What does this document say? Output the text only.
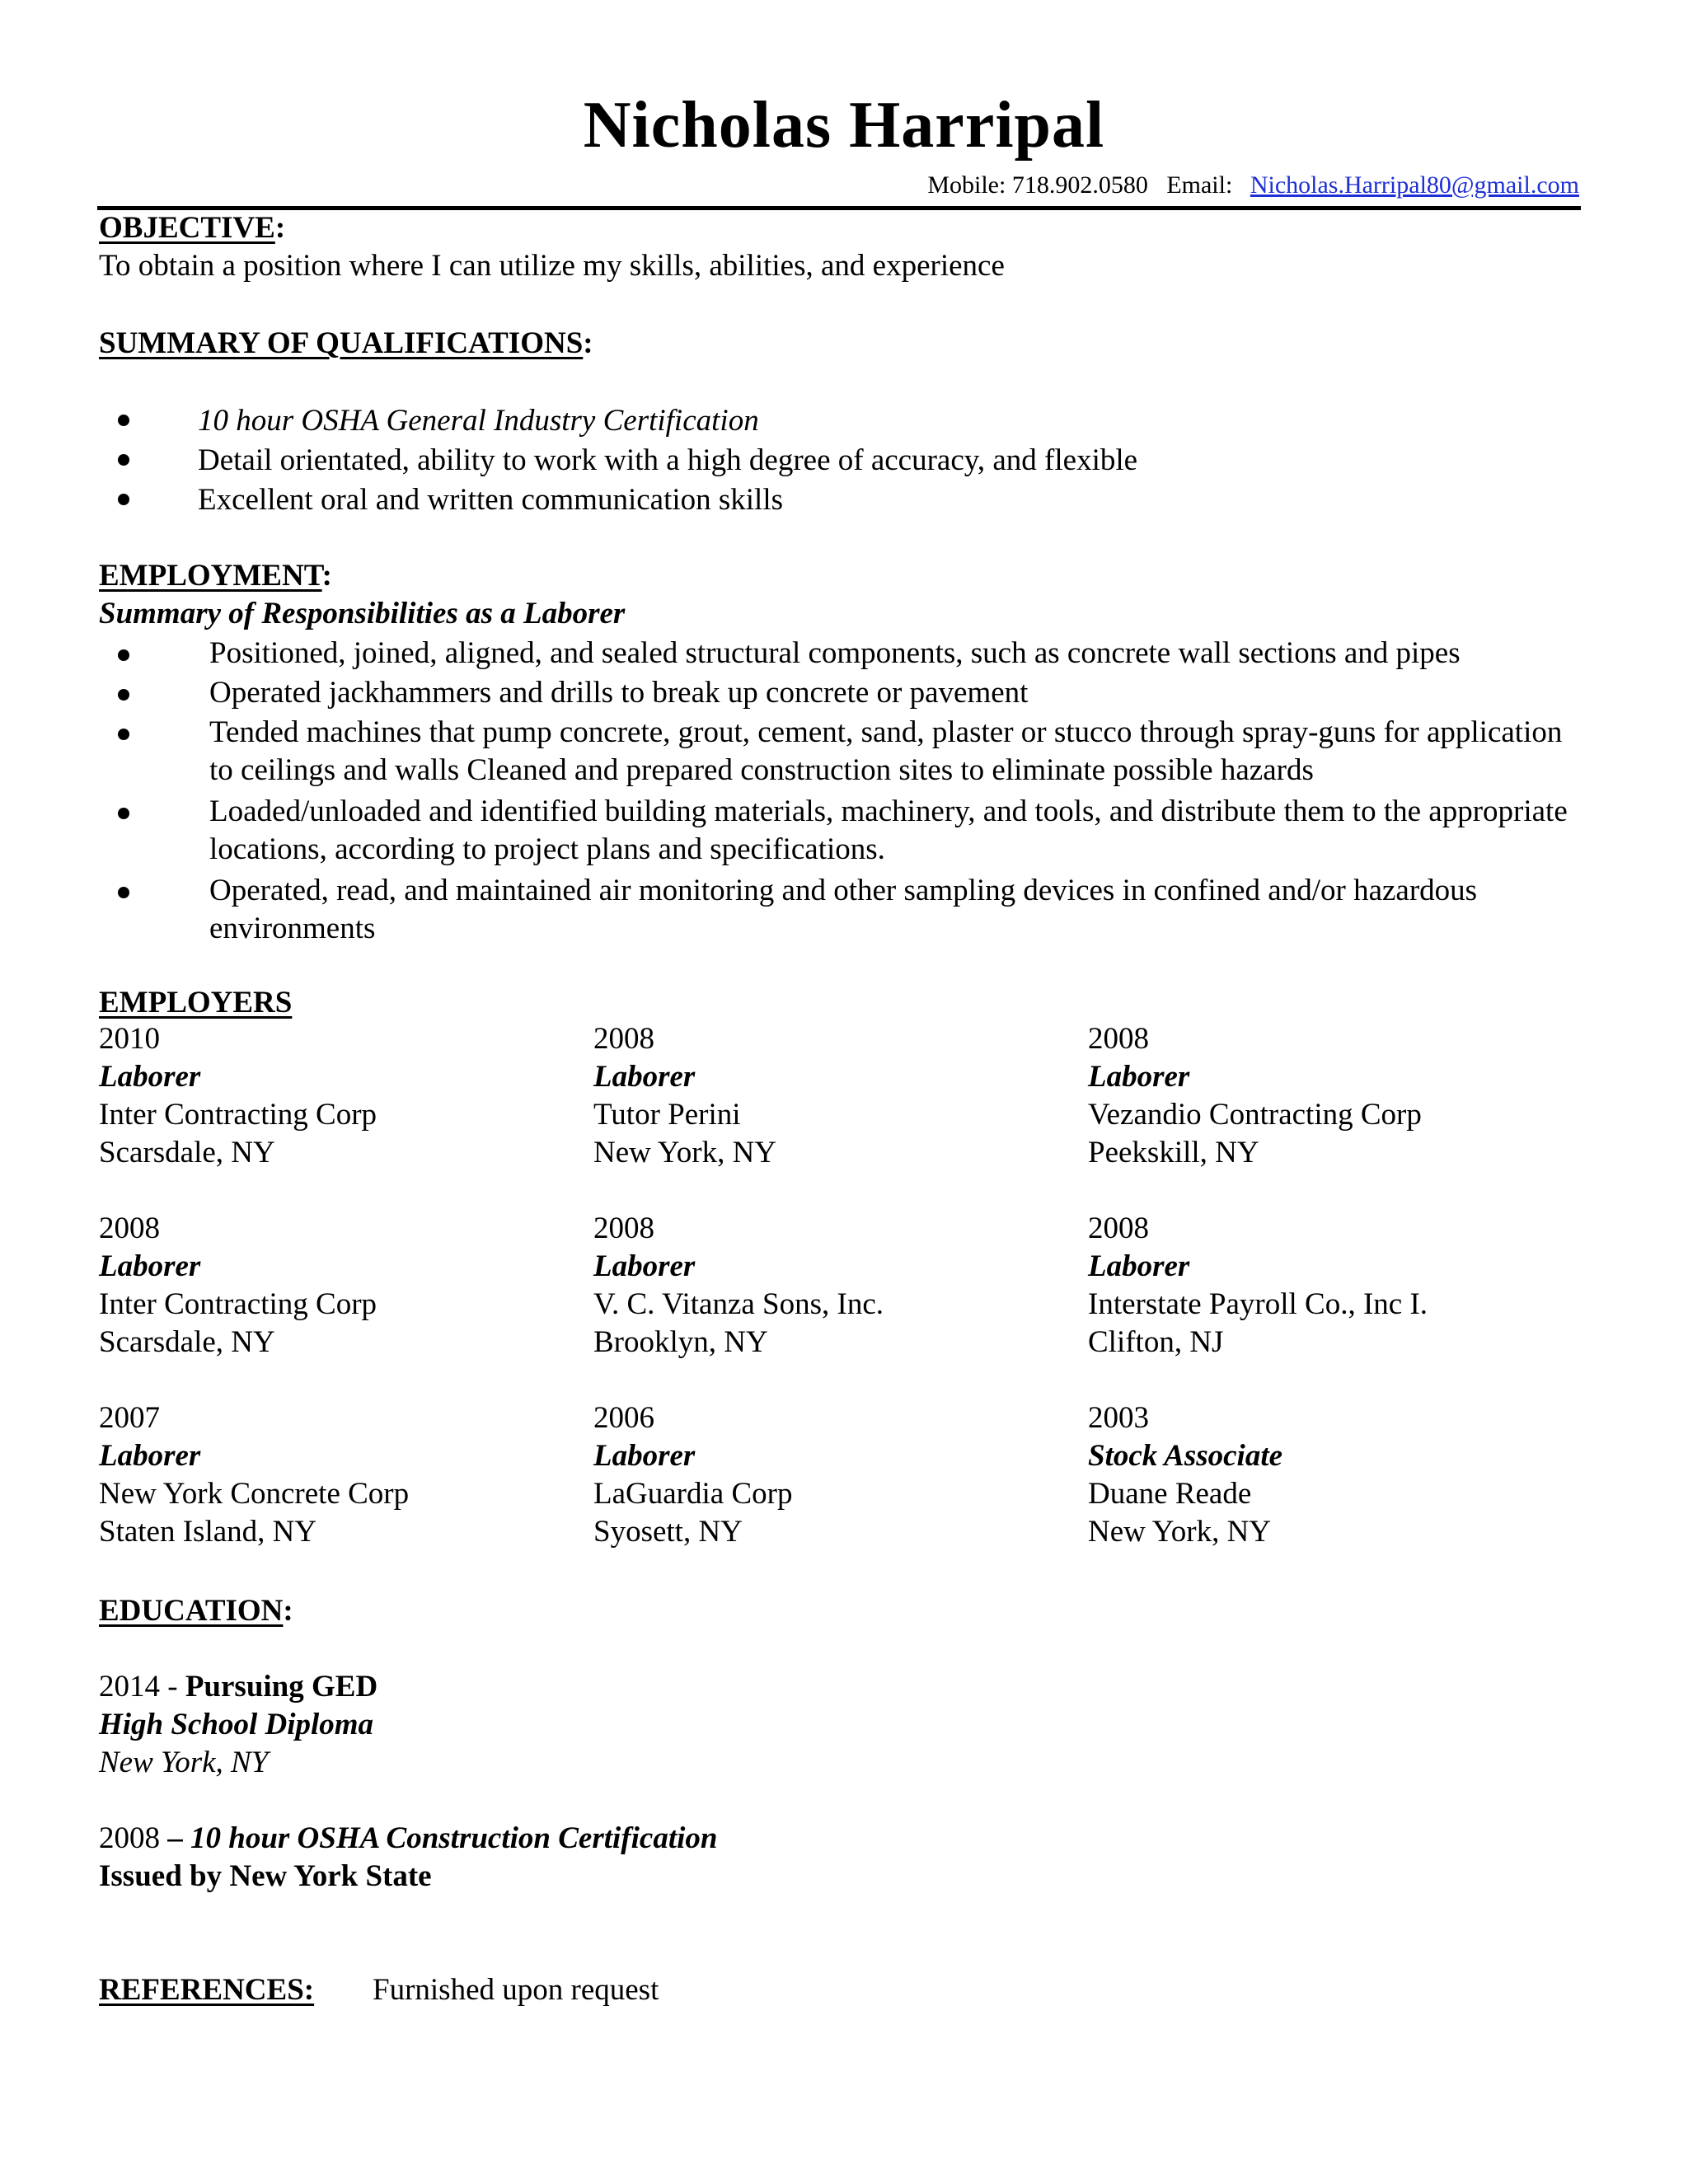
Nicholas Harripal
Mobile: 718.902.0580 Email: Nicholas.Harripal80@gmail.com
OBJECTIVE:
To obtain a position where I can utilize my skills, abilities, and experience
SUMMARY OF QUALIFICATIONS:
10 hour OSHA General Industry Certification
Detail orientated, ability to work with a high degree of accuracy, and flexible
Excellent oral and written communication skills
EMPLOYMENT:
Summary of Responsibilities as a Laborer
Positioned, joined, aligned, and sealed structural components, such as concrete wall sections and pipes
Operated jackhammers and drills to break up concrete or pavement
Tended machines that pump concrete, grout, cement, sand, plaster or stucco through spray-guns for application to ceilings and walls Cleaned and prepared construction sites to eliminate possible hazards
Loaded/unloaded and identified building materials, machinery, and tools, and distribute them to the appropriate locations, according to project plans and specifications.
Operated, read, and maintained air monitoring and other sampling devices in confined and/or hazardous environments
EMPLOYERS
2010
Laborer
Inter Contracting Corp
Scarsdale, NY
2008
Laborer
Tutor Perini
New York, NY
2008
Laborer
Vezandio Contracting Corp
Peekskill, NY
2008
Laborer
Inter Contracting Corp
Scarsdale, NY
2008
Laborer
V. C. Vitanza Sons, Inc.
Brooklyn, NY
2008
Laborer
Interstate Payroll Co., Inc I.
Clifton, NJ
2007
Laborer
New York Concrete Corp
Staten Island, NY
2006
Laborer
LaGuardia Corp
Syosett, NY
2003
Stock Associate
Duane Reade
New York, NY
EDUCATION:
2014 - Pursuing GED
High School Diploma
New York, NY
2008 – 10 hour OSHA Construction Certification
Issued by New York State
REFERENCES: Furnished upon request
